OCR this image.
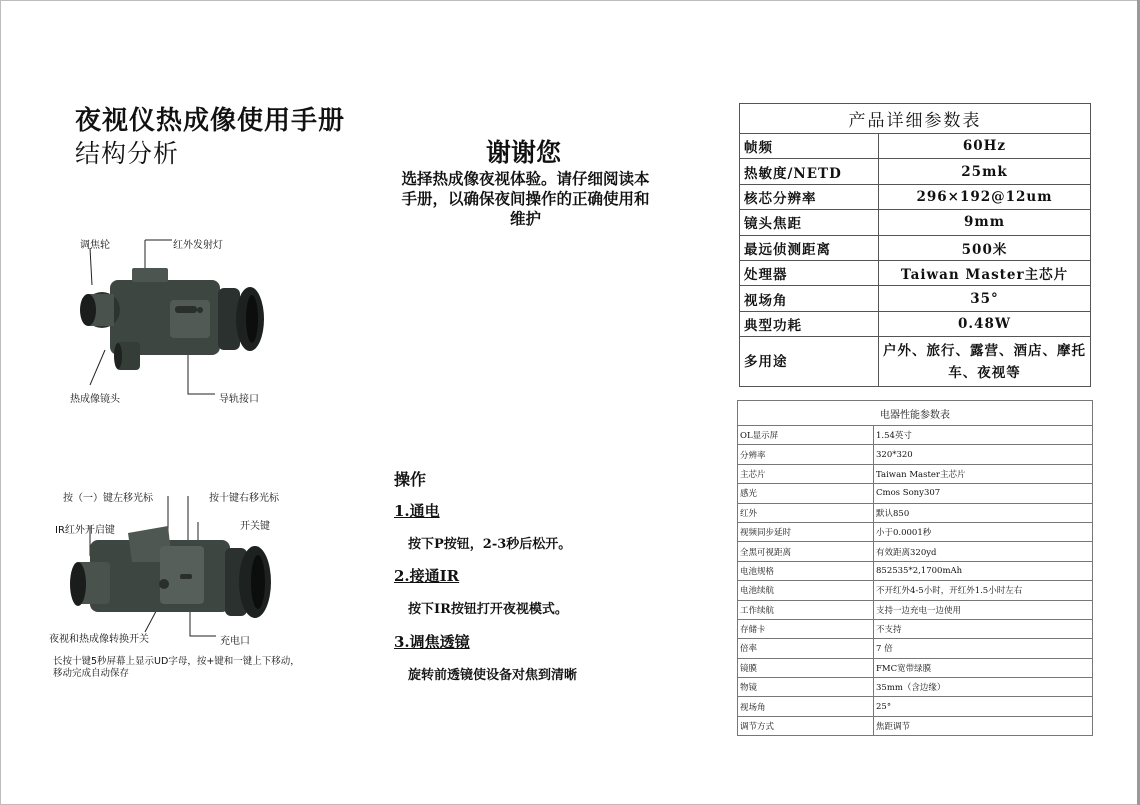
夜视仪热成像使用手册
结构分析	谢谢您
选择热成像夜视体验。请仔细阅读本手册，以确保夜间操作的正确使用和维护
调焦轮	红外发射灯
热成像镜头	导轨接口
按（一）键左移光标	按十键右移光标
IR红外开启键	开关键
夜视和热成像转换开关	充电口
长按十键5秒屏幕上显示UD字母，按+键和一键上下移动，移动完成自动保存
操作
1.通电
按下P按钮，2-3秒后松开。
2.接通IR
按下IR按钮打开夜视模式。
3.调焦透镜
旋转前透镜使设备对焦到清晰
产品详细参数表	
帧频	60Hz
热敏度/NETD	25mk
核芯分辨率	296×192@12um
镜头焦距	9mm
最远侦测距离	500米
处理器	Taiwan Master主芯片
视场角	35°
典型功耗	0.48W
多用途	户外、旅行、露营、酒店、摩托车、夜视等
电器性能参数表	
OL显示屏	1.54英寸
分辨率	320*320
主芯片	Taiwan Master主芯片
感光	Cmos Sony307
红外	默认850
视频同步延时	小于0.0001秒
全黑可视距离	有效距离320yd
电池规格	852535*2,1700mAh
电池续航	不开红外4-5小时，开红外1.5小时左右
工作续航	支持一边充电一边使用
存储卡	不支持
倍率	7 倍
镜膜	FMC宽带绿膜
物镜	35mm（含边缘）
视场角	25°
调节方式	焦距调节
